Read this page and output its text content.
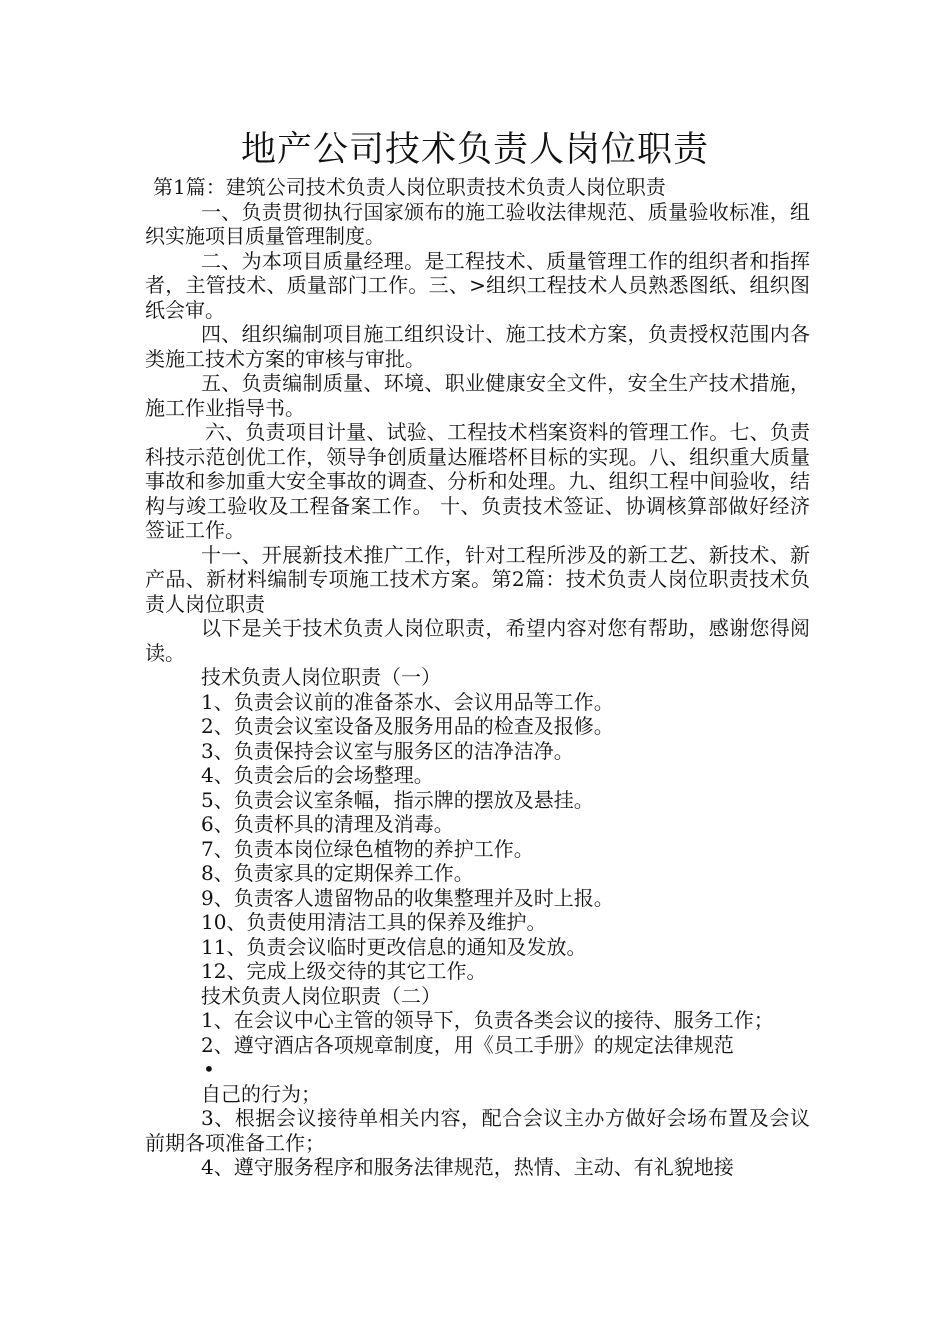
地产公司技术负责人岗位职责

第1篇：建筑公司技术负责人岗位职责技术负责人岗位职责

一、负责贯彻执行国家颁布的施工验收法律规范、质量验收标准，组织实施项目质量管理制度。

二、为本项目质量经理。是工程技术、质量管理工作的组织者和指挥者，主管技术、质量部门工作。三、>组织工程技术人员熟悉图纸、组织图纸会审。

四、组织编制项目施工组织设计、施工技术方案，负责授权范围内各类施工技术方案的审核与审批。

五、负责编制质量、环境、职业健康安全文件，安全生产技术措施，施工作业指导书。

六、负责项目计量、试验、工程技术档案资料的管理工作。七、负责科技示范创优工作，领导争创质量达雁塔杯目标的实现。八、组织重大质量事故和参加重大安全事故的调查、分析和处理。九、组织工程中间验收，结构与竣工验收及工程备案工作。 十、负责技术签证、协调核算部做好经济签证工作。

十一、开展新技术推广工作，针对工程所涉及的新工艺、新技术、新产品、新材料编制专项施工技术方案。第2篇：技术负责人岗位职责技术负责人岗位职责

以下是关于技术负责人岗位职责，希望内容对您有帮助，感谢您得阅读。

技术负责人岗位职责（一）

1、负责会议前的准备茶水、会议用品等工作。

2、负责会议室设备及服务用品的检查及报修。

3、负责保持会议室与服务区的洁净洁净。

4、负责会后的会场整理。

5、负责会议室条幅，指示牌的摆放及悬挂。

6、负责杯具的清理及消毒。

7、负责本岗位绿色植物的养护工作。

8、负责家具的定期保养工作。

9、负责客人遗留物品的收集整理并及时上报。

10、负责使用清洁工具的保养及维护。

11、负责会议临时更改信息的通知及发放。

12、完成上级交待的其它工作。

技术负责人岗位职责（二）

1、在会议中心主管的领导下，负责各类会议的接待、服务工作；

2、遵守酒店各项规章制度，用《员工手册》的规定法律规范

•

自己的行为；

3、根据会议接待单相关内容，配合会议主办方做好会场布置及会议前期各项准备工作；

4、遵守服务程序和服务法律规范，热情、主动、有礼貌地接
